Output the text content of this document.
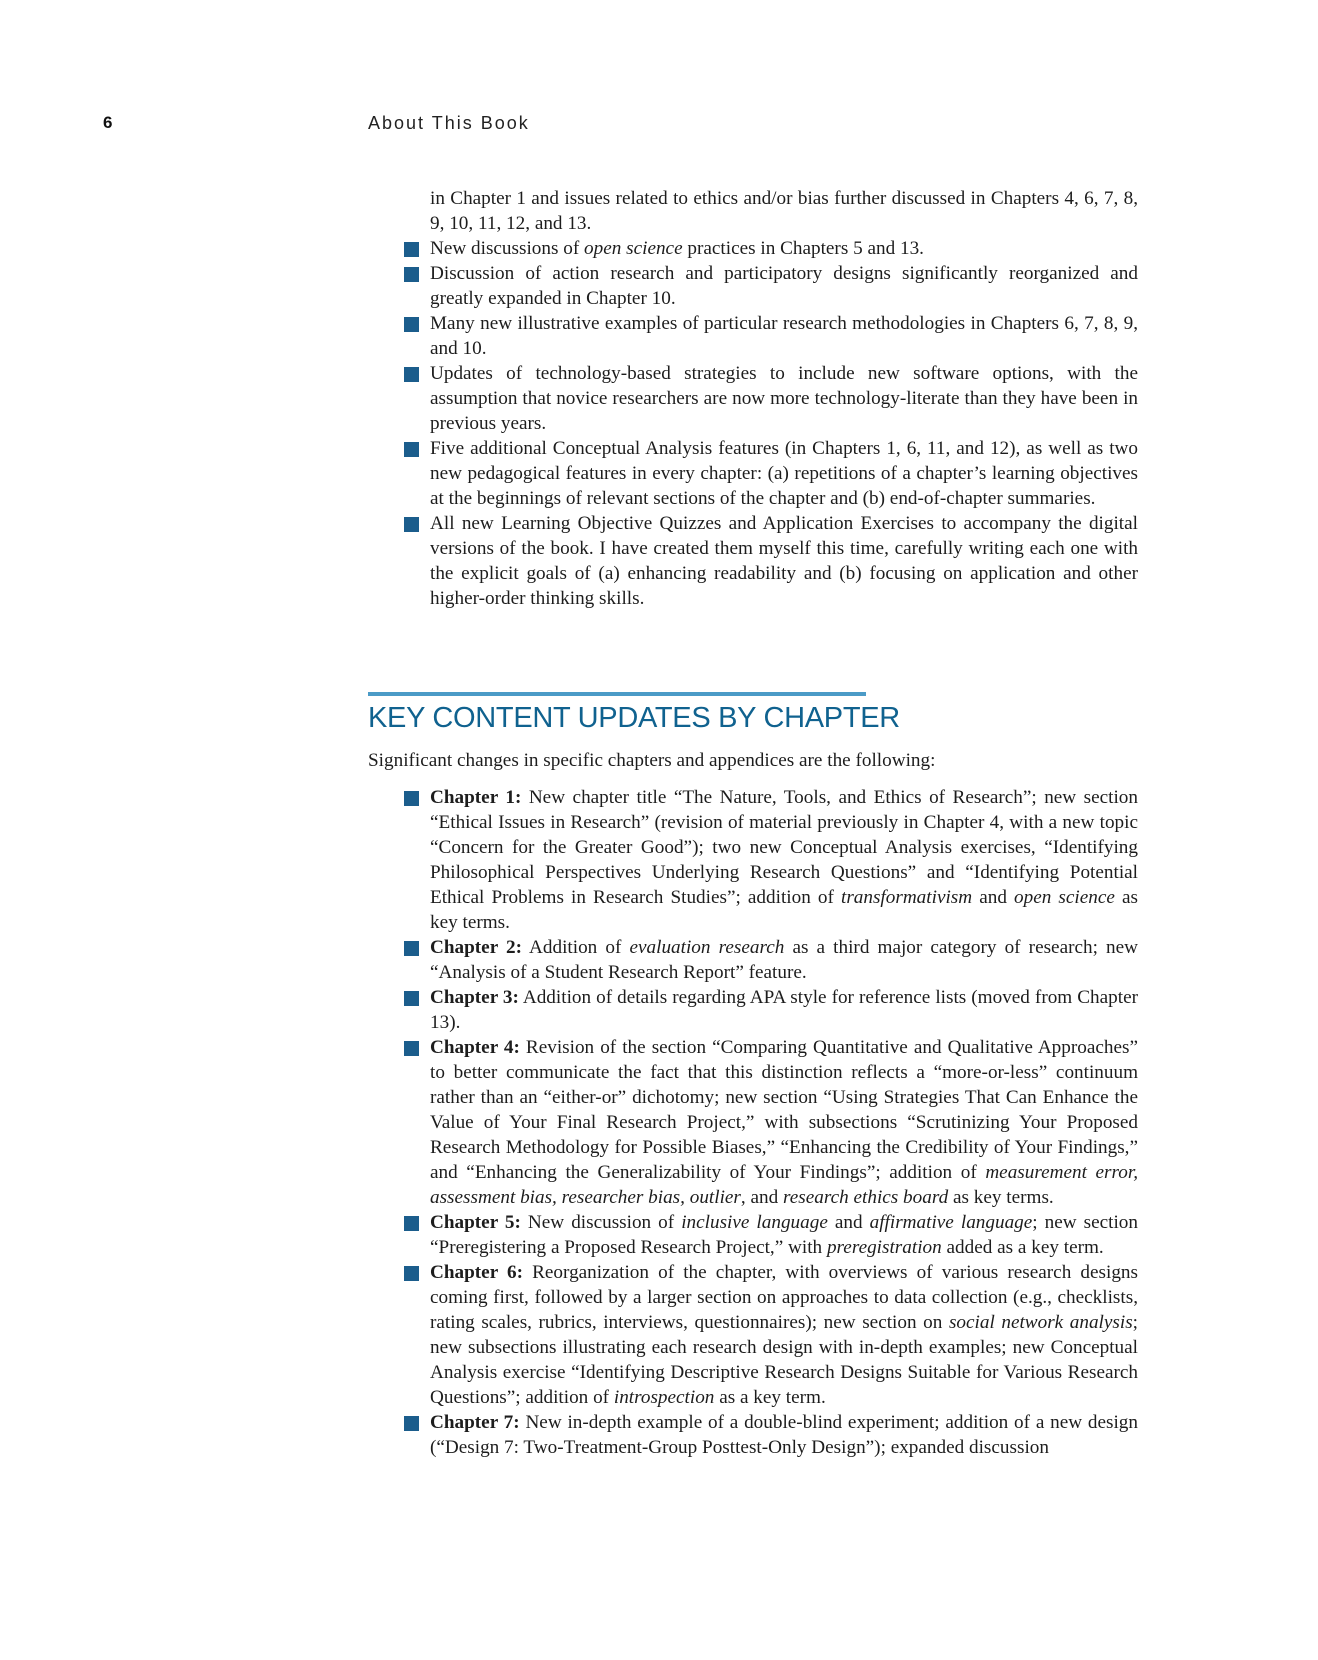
6	About This Book
in Chapter 1 and issues related to ethics and/or bias further discussed in Chapters 4, 6, 7, 8, 9, 10, 11, 12, and 13.
New discussions of open science practices in Chapters 5 and 13.
Discussion of action research and participatory designs significantly reorganized and greatly expanded in Chapter 10.
Many new illustrative examples of particular research methodologies in Chapters 6, 7, 8, 9, and 10.
Updates of technology-based strategies to include new software options, with the assumption that novice researchers are now more technology-literate than they have been in previous years.
Five additional Conceptual Analysis features (in Chapters 1, 6, 11, and 12), as well as two new pedagogical features in every chapter: (a) repetitions of a chapter’s learning objectives at the beginnings of relevant sections of the chapter and (b) end-of-chapter summaries.
All new Learning Objective Quizzes and Application Exercises to accompany the digital versions of the book. I have created them myself this time, carefully writing each one with the explicit goals of (a) enhancing readability and (b) focusing on application and other higher-order thinking skills.
KEY CONTENT UPDATES BY CHAPTER

Significant changes in specific chapters and appendices are the following:

Chapter 1: New chapter title “The Nature, Tools, and Ethics of Research”; new section “Ethical Issues in Research” (revision of material previously in Chapter 4, with a new topic “Concern for the Greater Good”); two new Conceptual Analysis exercises, “Identifying Philosophical Perspectives Underlying Research Questions” and “Identifying Potential Ethical Problems in Research Studies”; addition of transformativism and open science as key terms.
Chapter 2: Addition of evaluation research as a third major category of research; new “Analysis of a Student Research Report” feature.
Chapter 3: Addition of details regarding APA style for reference lists (moved from Chapter 13).
Chapter 4: Revision of the section “Comparing Quantitative and Qualitative Approaches” to better communicate the fact that this distinction reflects a “more-or-less” continuum rather than an “either-or” dichotomy; new section “Using Strategies That Can Enhance the Value of Your Final Research Project,” with subsections “Scrutinizing Your Proposed Research Methodology for Possible Biases,” “Enhancing the Credibility of Your Findings,” and “Enhancing the Generalizability of Your Findings”; addition of measurement error, assessment bias, researcher bias, outlier, and research ethics board as key terms.
Chapter 5: New discussion of inclusive language and affirmative language; new section “Preregistering a Proposed Research Project,” with preregistration added as a key term.
Chapter 6: Reorganization of the chapter, with overviews of various research designs coming first, followed by a larger section on approaches to data collection (e.g., checklists, rating scales, rubrics, interviews, questionnaires); new section on social network analysis; new subsections illustrating each research design with in-depth examples; new Conceptual Analysis exercise “Identifying Descriptive Research Designs Suitable for Various Research Questions”; addition of introspection as a key term.
Chapter 7: New in-depth example of a double-blind experiment; addition of a new design (“Design 7: Two-Treatment-Group Posttest-Only Design”); expanded discussion
